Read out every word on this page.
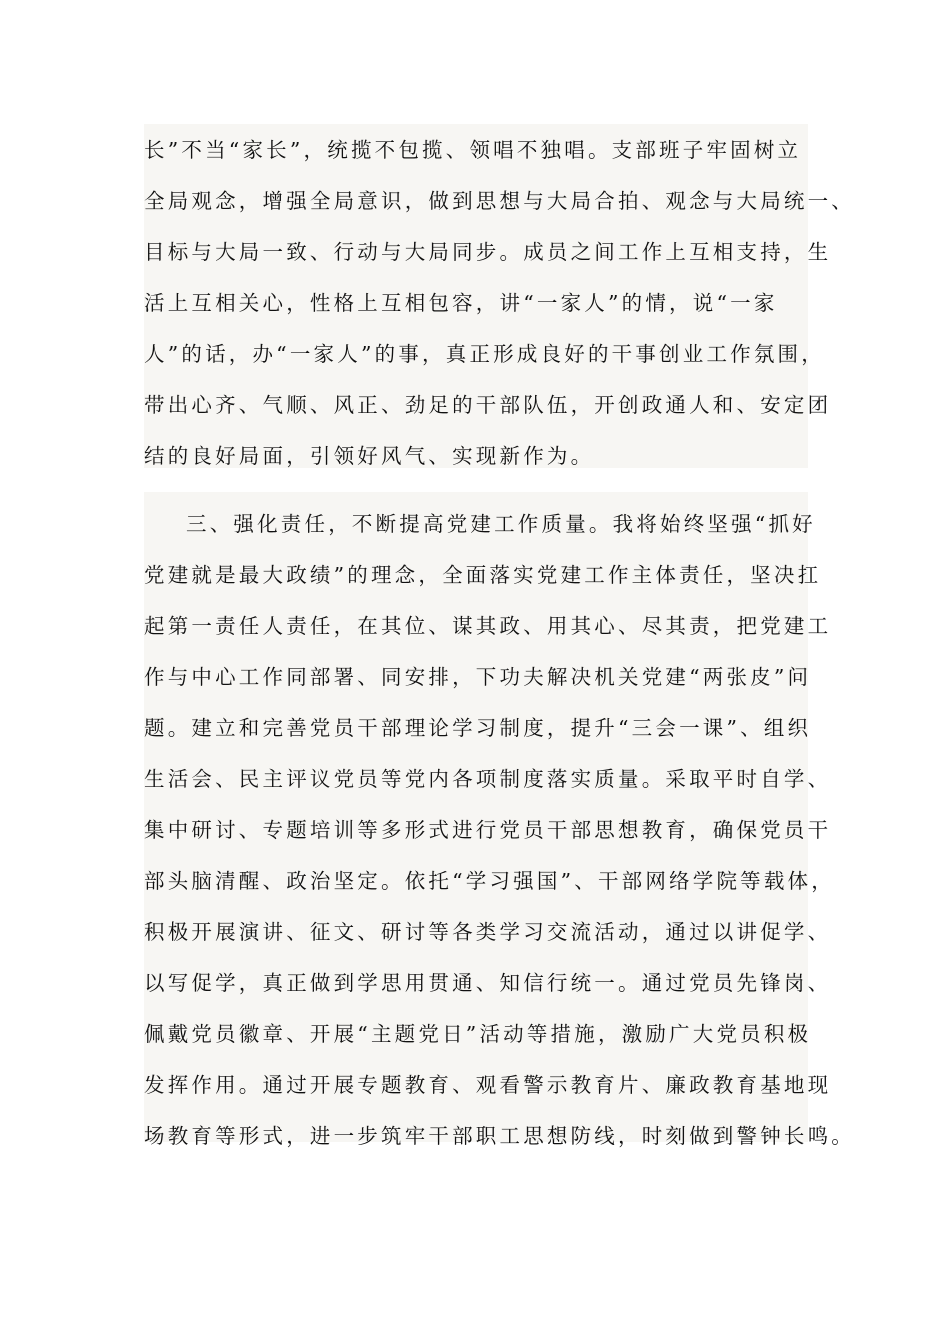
长”不当“家长”，统揽不包揽、领唱不独唱。支部班子牢固树立
全局观念，增强全局意识，做到思想与大局合拍、观念与大局统一、
目标与大局一致、行动与大局同步。成员之间工作上互相支持，生
活上互相关心，性格上互相包容，讲“一家人”的情，说“一家
人”的话，办“一家人”的事，真正形成良好的干事创业工作氛围，
带出心齐、气顺、风正、劲足的干部队伍，开创政通人和、安定团
结的良好局面，引领好风气、实现新作为。
三、强化责任，不断提高党建工作质量。我将始终坚强“抓好
党建就是最大政绩”的理念，全面落实党建工作主体责任，坚决扛
起第一责任人责任，在其位、谋其政、用其心、尽其责，把党建工
作与中心工作同部署、同安排，下功夫解决机关党建“两张皮”问
题。建立和完善党员干部理论学习制度，提升“三会一课”、组织
生活会、民主评议党员等党内各项制度落实质量。采取平时自学、
集中研讨、专题培训等多形式进行党员干部思想教育，确保党员干
部头脑清醒、政治坚定。依托“学习强国”、干部网络学院等载体，
积极开展演讲、征文、研讨等各类学习交流活动，通过以讲促学、
以写促学，真正做到学思用贯通、知信行统一。通过党员先锋岗、
佩戴党员徽章、开展“主题党日”活动等措施，激励广大党员积极
发挥作用。通过开展专题教育、观看警示教育片、廉政教育基地现
场教育等形式，进一步筑牢干部职工思想防线，时刻做到警钟长鸣。
